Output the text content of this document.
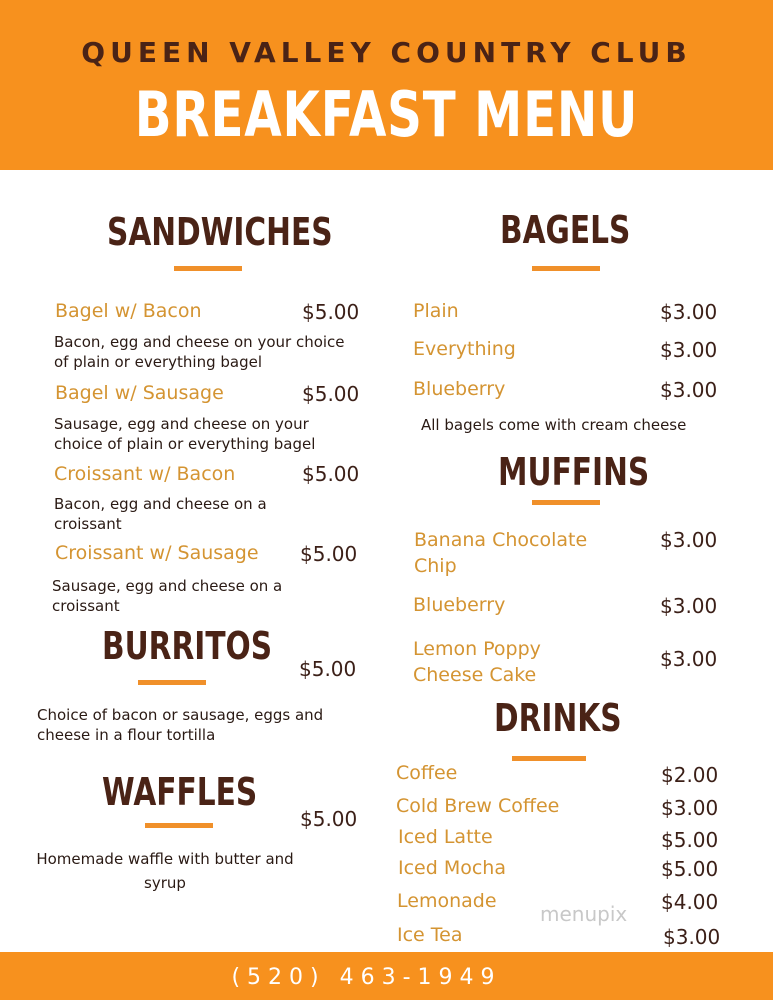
QUEEN VALLEY COUNTRY CLUB
BREAKFAST MENU
SANDWICHES
Bagel w/ Bacon	$5.00
Bacon, egg and cheese on your choice of plain or everything bagel
Bagel w/ Sausage	$5.00
Sausage, egg and cheese on your choice of plain or everything bagel
Croissant w/ Bacon	$5.00
Bacon, egg and cheese on a croissant
Croissant w/ Sausage $5.00
Sausage, egg and cheese on a croissant
BURRITOS
$5.00
Choice of bacon or sausage, eggs and cheese in a flour tortilla
WAFFLES
$5.00
Homemade waffle with butter and syrup
BAGELS
Plain	$3.00
Everything	$3.00
Blueberry	$3.00
All bagels come with cream cheese
MUFFINS
Banana Chocolate Chip
$3.00
Blueberry	$3.00
Lemon Poppy Cheese Cake
$3.00
DRINKS
Coffee	$2.00
Cold Brew Coffee	$3.00
Iced Latte	$5.00
Iced Mocha	$5.00
Lemonade	$4.00
Ice Tea	$3.00
menupix
(520) 463-1949
